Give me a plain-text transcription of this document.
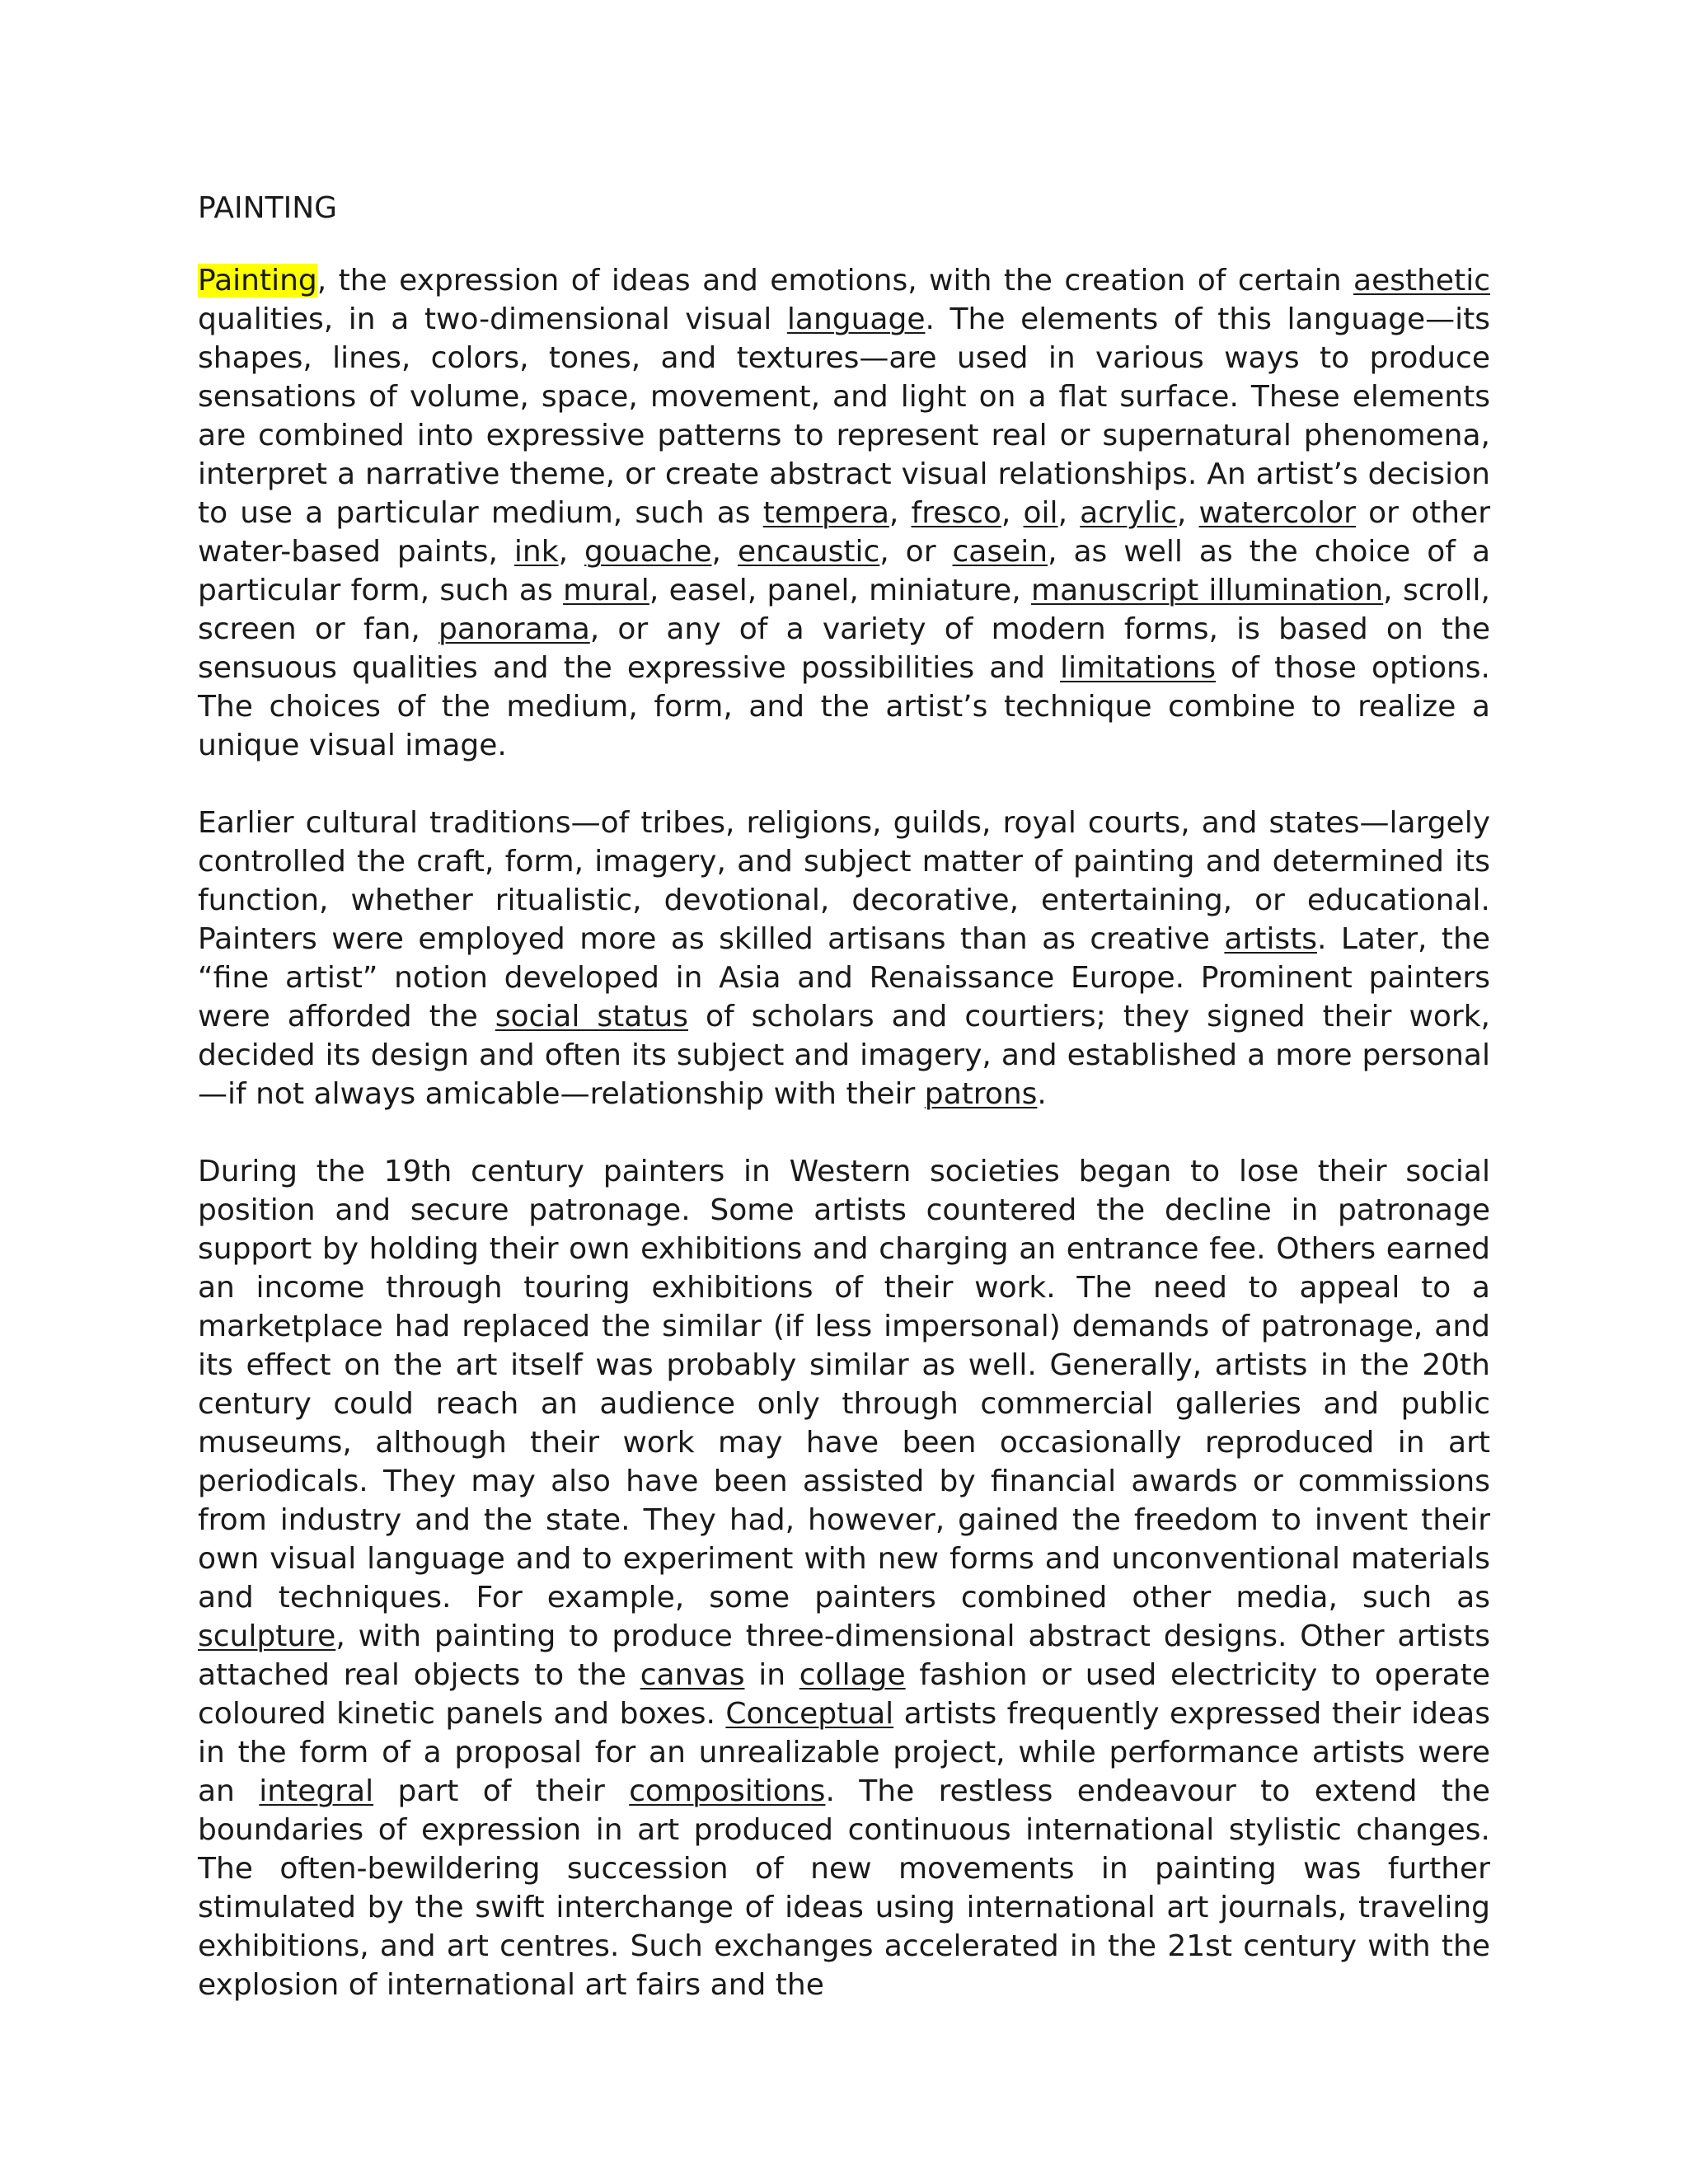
PAINTING

Painting, the expression of ideas and emotions, with the creation of certain aesthetic qualities, in a two-dimensional visual language. The elements of this language—its shapes, lines, colors, tones, and textures—are used in various ways to produce sensations of volume, space, movement, and light on a flat surface. These elements are combined into expressive patterns to represent real or supernatural phenomena, interpret a narrative theme, or create abstract visual relationships. An artist’s decision to use a particular medium, such as tempera, fresco, oil, acrylic, watercolor or other water-based paints, ink, gouache, encaustic, or casein, as well as the choice of a particular form, such as mural, easel, panel, miniature, manuscript illumination, scroll, screen or fan, panorama, or any of a variety of modern forms, is based on the sensuous qualities and the expressive possibilities and limitations of those options. The choices of the medium, form, and the artist’s technique combine to realize a unique visual image.

Earlier cultural traditions—of tribes, religions, guilds, royal courts, and states—largely controlled the craft, form, imagery, and subject matter of painting and determined its function, whether ritualistic, devotional, decorative, entertaining, or educational. Painters were employed more as skilled artisans than as creative artists. Later, the “fine artist” notion developed in Asia and Renaissance Europe. Prominent painters were afforded the social status of scholars and courtiers; they signed their work, decided its design and often its subject and imagery, and established a more personal—if not always amicable—relationship with their patrons.

During the 19th century painters in Western societies began to lose their social position and secure patronage. Some artists countered the decline in patronage support by holding their own exhibitions and charging an entrance fee. Others earned an income through touring exhibitions of their work. The need to appeal to a marketplace had replaced the similar (if less impersonal) demands of patronage, and its effect on the art itself was probably similar as well. Generally, artists in the 20th century could reach an audience only through commercial galleries and public museums, although their work may have been occasionally reproduced in art periodicals. They may also have been assisted by financial awards or commissions from industry and the state. They had, however, gained the freedom to invent their own visual language and to experiment with new forms and unconventional materials and techniques. For example, some painters combined other media, such as sculpture, with painting to produce three-dimensional abstract designs. Other artists attached real objects to the canvas in collage fashion or used electricity to operate coloured kinetic panels and boxes. Conceptual artists frequently expressed their ideas in the form of a proposal for an unrealizable project, while performance artists were an integral part of their compositions. The restless endeavour to extend the boundaries of expression in art produced continuous international stylistic changes. The often-bewildering succession of new movements in painting was further stimulated by the swift interchange of ideas using international art journals, traveling exhibitions, and art centres. Such exchanges accelerated in the 21st century with the explosion of international art fairs and the
